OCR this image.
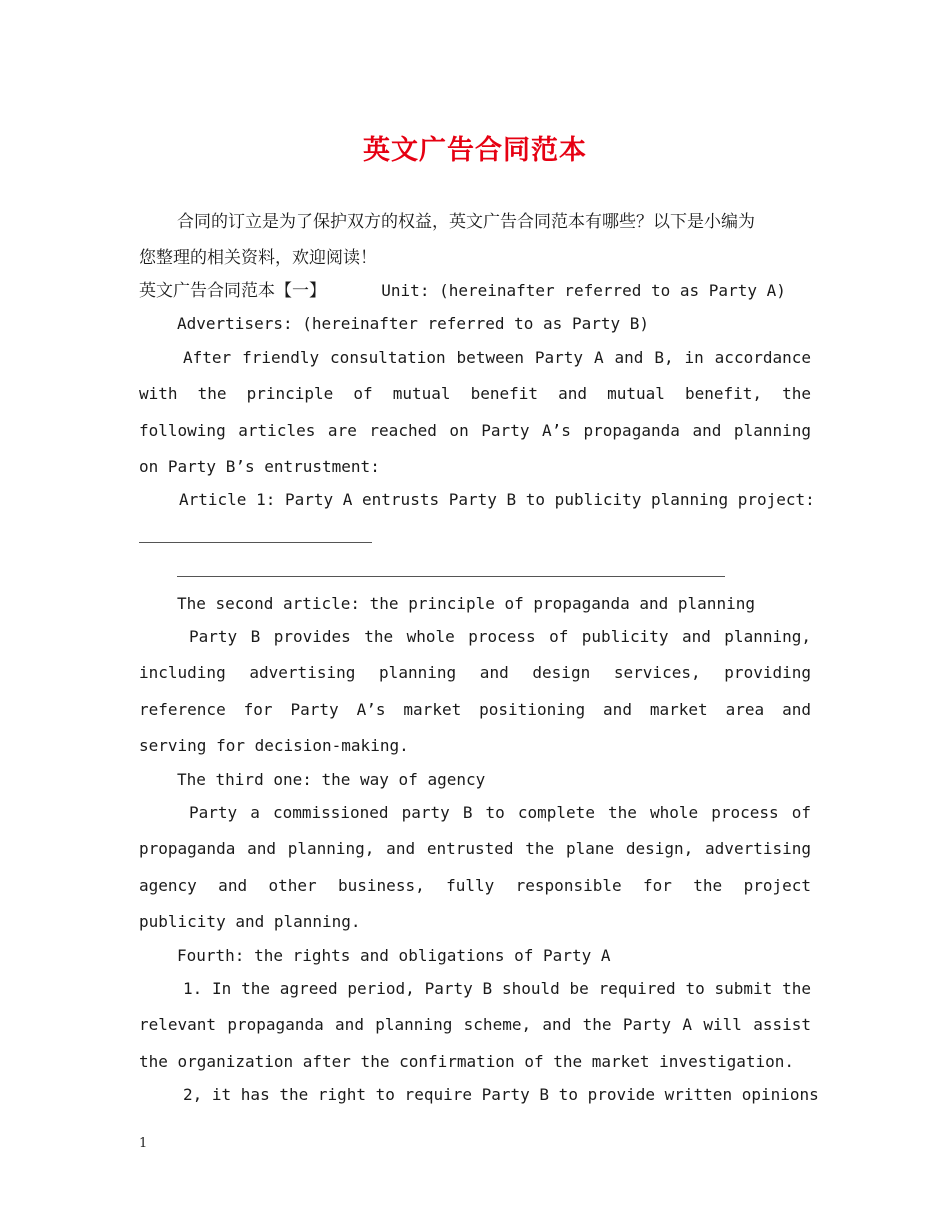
英文广告合同范本
合同的订立是为了保护双方的权益，英文广告合同范本有哪些？以下是小编为
您整理的相关资料，欢迎阅读！
英文广告合同范本【一】	Unit: (hereinafter referred to as Party A)
Advertisers: (hereinafter referred to as Party B)
After friendly consultation between Party A and B, in accordance with the principle of mutual benefit and mutual benefit, the following articles are reached on Party A’s propaganda and planning on Party B’s entrustment:
Article 1: Party A entrusts Party B to publicity planning project:
The second article: the principle of propaganda and planning
Party B provides the whole process of publicity and planning, including advertising planning and design services, providing reference for Party A’s market positioning and market area and serving for decision-making.
The third one: the way of agency
Party a commissioned party B to complete the whole process of propaganda and planning, and entrusted the plane design, advertising agency and other business, fully responsible for the project publicity and planning.
Fourth: the rights and obligations of Party A
1. In the agreed period, Party B should be required to submit the relevant propaganda and planning scheme, and the Party A will assist the organization after the confirmation of the market investigation.
2, it has the right to require Party B to provide written opinions
1
